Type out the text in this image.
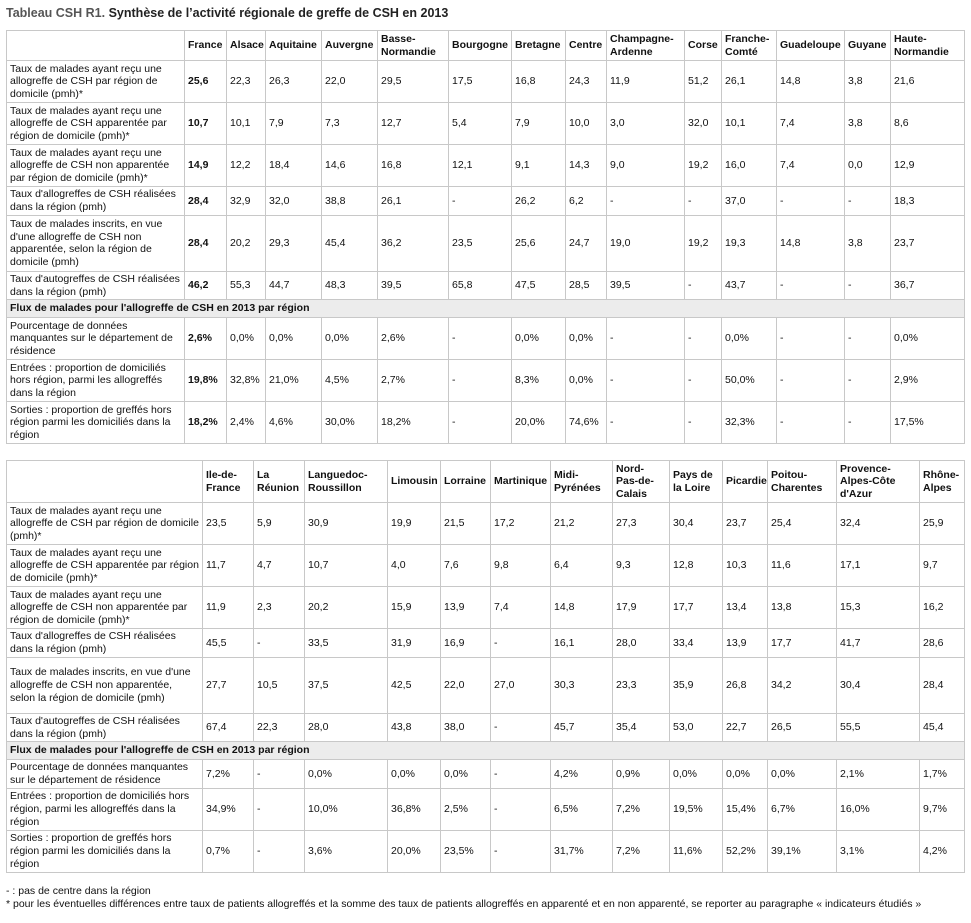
Tableau CSH R1. Synthèse de l’activité régionale de greffe de CSH en 2013
	France	Alsace	Aquitaine	Auvergne	Basse-Normandie	Bourgogne	Bretagne	Centre	Champagne-Ardenne	Corse	Franche-Comté	Guadeloupe	Guyane	Haute-Normandie
Taux de malades ayant reçu une allogreffe de CSH par région de domicile (pmh)*	25,6	22,3	26,3	22,0	29,5	17,5	16,8	24,3	11,9	51,2	26,1	14,8	3,8	21,6
Taux de malades ayant reçu une allogreffe de CSH apparentée par région de domicile (pmh)*	10,7	10,1	7,9	7,3	12,7	5,4	7,9	10,0	3,0	32,0	10,1	7,4	3,8	8,6
Taux de malades ayant reçu une allogreffe de CSH non apparentée par région de domicile (pmh)*	14,9	12,2	18,4	14,6	16,8	12,1	9,1	14,3	9,0	19,2	16,0	7,4	0,0	12,9
Taux d'allogreffes de CSH réalisées dans la région (pmh)	28,4	32,9	32,0	38,8	26,1	-	26,2	6,2	-	-	37,0	-	-	18,3
Taux de malades inscrits, en vue d'une allogreffe de CSH non apparentée, selon la région de domicile (pmh)	28,4	20,2	29,3	45,4	36,2	23,5	25,6	24,7	19,0	19,2	19,3	14,8	3,8	23,7
Taux d'autogreffes de CSH réalisées dans la région (pmh)	46,2	55,3	44,7	48,3	39,5	65,8	47,5	28,5	39,5	-	43,7	-	-	36,7
Flux de malades pour l'allogreffe de CSH en 2013 par région														
Pourcentage de données manquantes sur le département de résidence	2,6%	0,0%	0,0%	0,0%	2,6%	-	0,0%	0,0%	-	-	0,0%	-	-	0,0%
Entrées : proportion de domiciliés hors région, parmi les allogreffés dans la région	19,8%	32,8%	21,0%	4,5%	2,7%	-	8,3%	0,0%	-	-	50,0%	-	-	2,9%
Sorties : proportion de greffés hors région parmi les domiciliés dans la région	18,2%	2,4%	4,6%	30,0%	18,2%	-	20,0%	74,6%	-	-	32,3%	-	-	17,5%
	Ile-de-France	La Réunion	Languedoc-Roussillon	Limousin	Lorraine	Martinique	Midi-Pyrénées	Nord-Pas-de-Calais	Pays de la Loire	Picardie	Poitou-Charentes	Provence-Alpes-Côte d'Azur	Rhône-Alpes
Taux de malades ayant reçu une allogreffe de CSH par région de domicile (pmh)*	23,5	5,9	30,9	19,9	21,5	17,2	21,2	27,3	30,4	23,7	25,4	32,4	25,9
Taux de malades ayant reçu une allogreffe de CSH apparentée par région de domicile (pmh)*	11,7	4,7	10,7	4,0	7,6	9,8	6,4	9,3	12,8	10,3	11,6	17,1	9,7
Taux de malades ayant reçu une allogreffe de CSH non apparentée par région de domicile (pmh)*	11,9	2,3	20,2	15,9	13,9	7,4	14,8	17,9	17,7	13,4	13,8	15,3	16,2
Taux d'allogreffes de CSH réalisées dans la région (pmh)	45,5	-	33,5	31,9	16,9	-	16,1	28,0	33,4	13,9	17,7	41,7	28,6
Taux de malades inscrits, en vue d'une allogreffe de CSH non apparentée, selon la région de domicile (pmh)	27,7	10,5	37,5	42,5	22,0	27,0	30,3	23,3	35,9	26,8	34,2	30,4	28,4
Taux d'autogreffes de CSH réalisées dans la région (pmh)	67,4	22,3	28,0	43,8	38,0	-	45,7	35,4	53,0	22,7	26,5	55,5	45,4
Flux de malades pour l'allogreffe de CSH en 2013 par région													
Pourcentage de données manquantes sur le département de résidence	7,2%	-	0,0%	0,0%	0,0%	-	4,2%	0,9%	0,0%	0,0%	0,0%	2,1%	1,7%
Entrées : proportion de domiciliés hors région, parmi les allogreffés dans la région	34,9%	-	10,0%	36,8%	2,5%	-	6,5%	7,2%	19,5%	15,4%	6,7%	16,0%	9,7%
Sorties : proportion de greffés hors région parmi les domiciliés dans la région	0,7%	-	3,6%	20,0%	23,5%	-	31,7%	7,2%	11,6%	52,2%	39,1%	3,1%	4,2%

- : pas de centre dans la région

* pour les éventuelles différences entre taux de patients allogreffés et la somme des taux de patients allogreffés en apparenté et en non apparenté, se reporter au paragraphe « indicateurs étudiés »
